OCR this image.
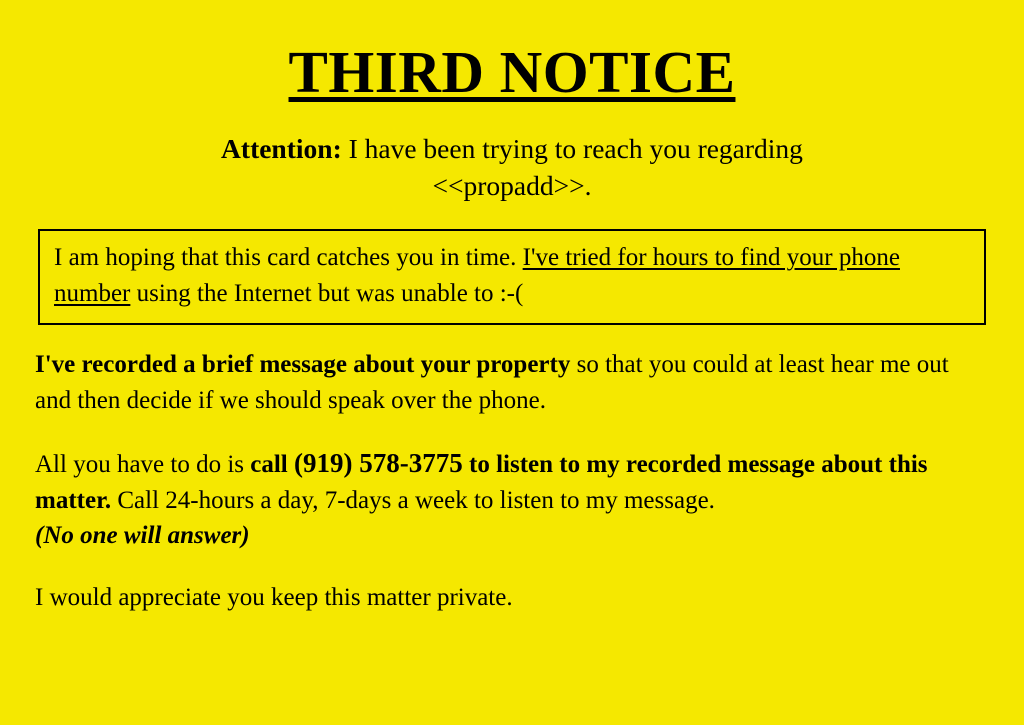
THIRD NOTICE
Attention: I have been trying to reach you regarding
<<propadd>>.
I am hoping that this card catches you in time. I've tried for hours to find your phone number using the Internet but was unable to :-(

I've recorded a brief message about your property so that you could at least hear me out and then decide if we should speak over the phone.

All you have to do is call (919) 578-3775 to listen to my recorded message about this matter. Call 24-hours a day, 7-days a week to listen to my message.
(No one will answer)

I would appreciate you keep this matter private.
